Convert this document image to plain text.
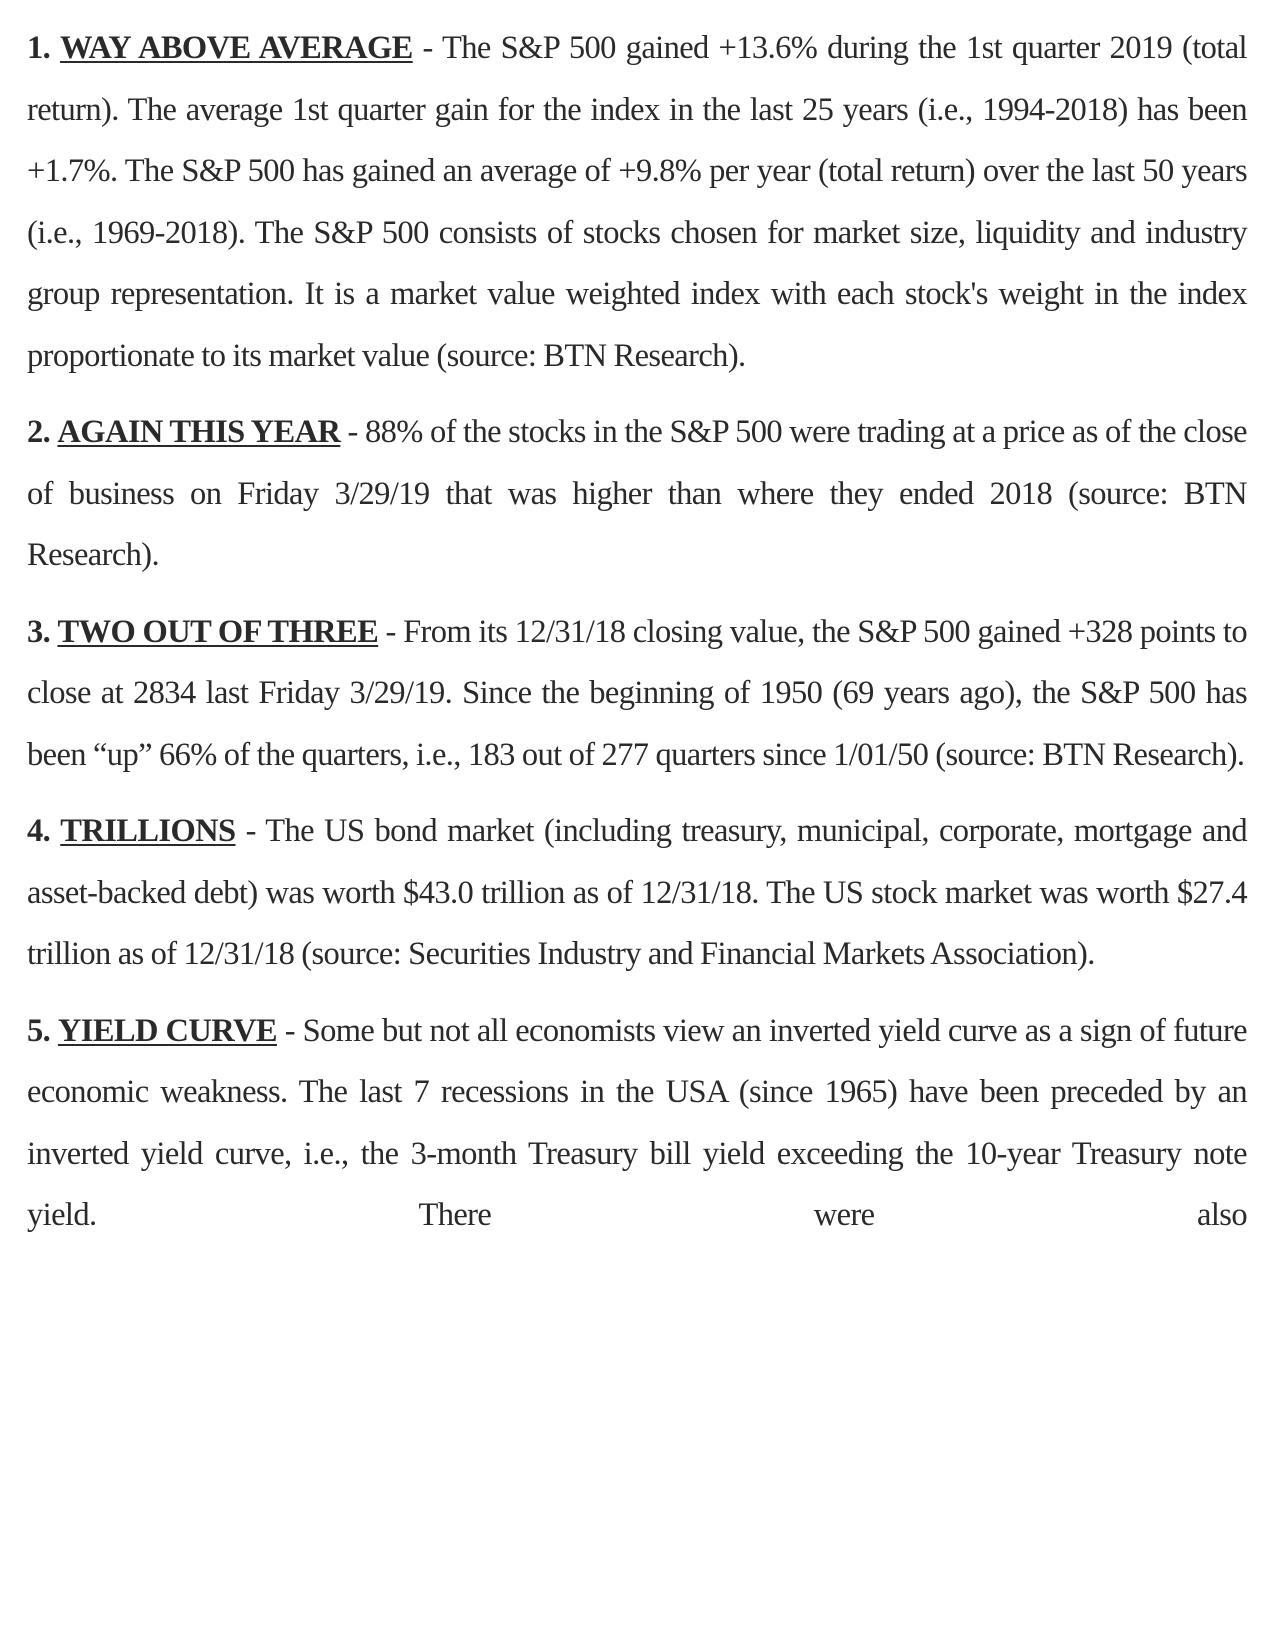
1. WAY ABOVE AVERAGE - The S&P 500 gained +13.6% during the 1st quarter 2019 (total return). The average 1st quarter gain for the index in the last 25 years (i.e., 1994-2018) has been +1.7%. The S&P 500 has gained an average of +9.8% per year (total return) over the last 50 years (i.e., 1969-2018). The S&P 500 consists of stocks chosen for market size, liquidity and industry group representation. It is a market value weighted index with each stock's weight in the index proportionate to its market value (source: BTN Research).

2. AGAIN THIS YEAR - 88% of the stocks in the S&P 500 were trading at a price as of the close of business on Friday 3/29/19 that was higher than where they ended 2018 (source: BTN Research).

3. TWO OUT OF THREE - From its 12/31/18 closing value, the S&P 500 gained +328 points to close at 2834 last Friday 3/29/19. Since the beginning of 1950 (69 years ago), the S&P 500 has been “up” 66% of the quarters, i.e., 183 out of 277 quarters since 1/01/50 (source: BTN Research).

4. TRILLIONS - The US bond market (including treasury, municipal, corporate, mortgage and asset-backed debt) was worth $43.0 trillion as of 12/31/18. The US stock market was worth $27.4 trillion as of 12/31/18 (source: Securities Industry and Financial Markets Association).

5. YIELD CURVE - Some but not all economists view an inverted yield curve as a sign of future economic weakness. The last 7 recessions in the USA (since 1965) have been preceded by an inverted yield curve, i.e., the 3-month Treasury bill yield exceeding the 10-year Treasury note yield. There were also
